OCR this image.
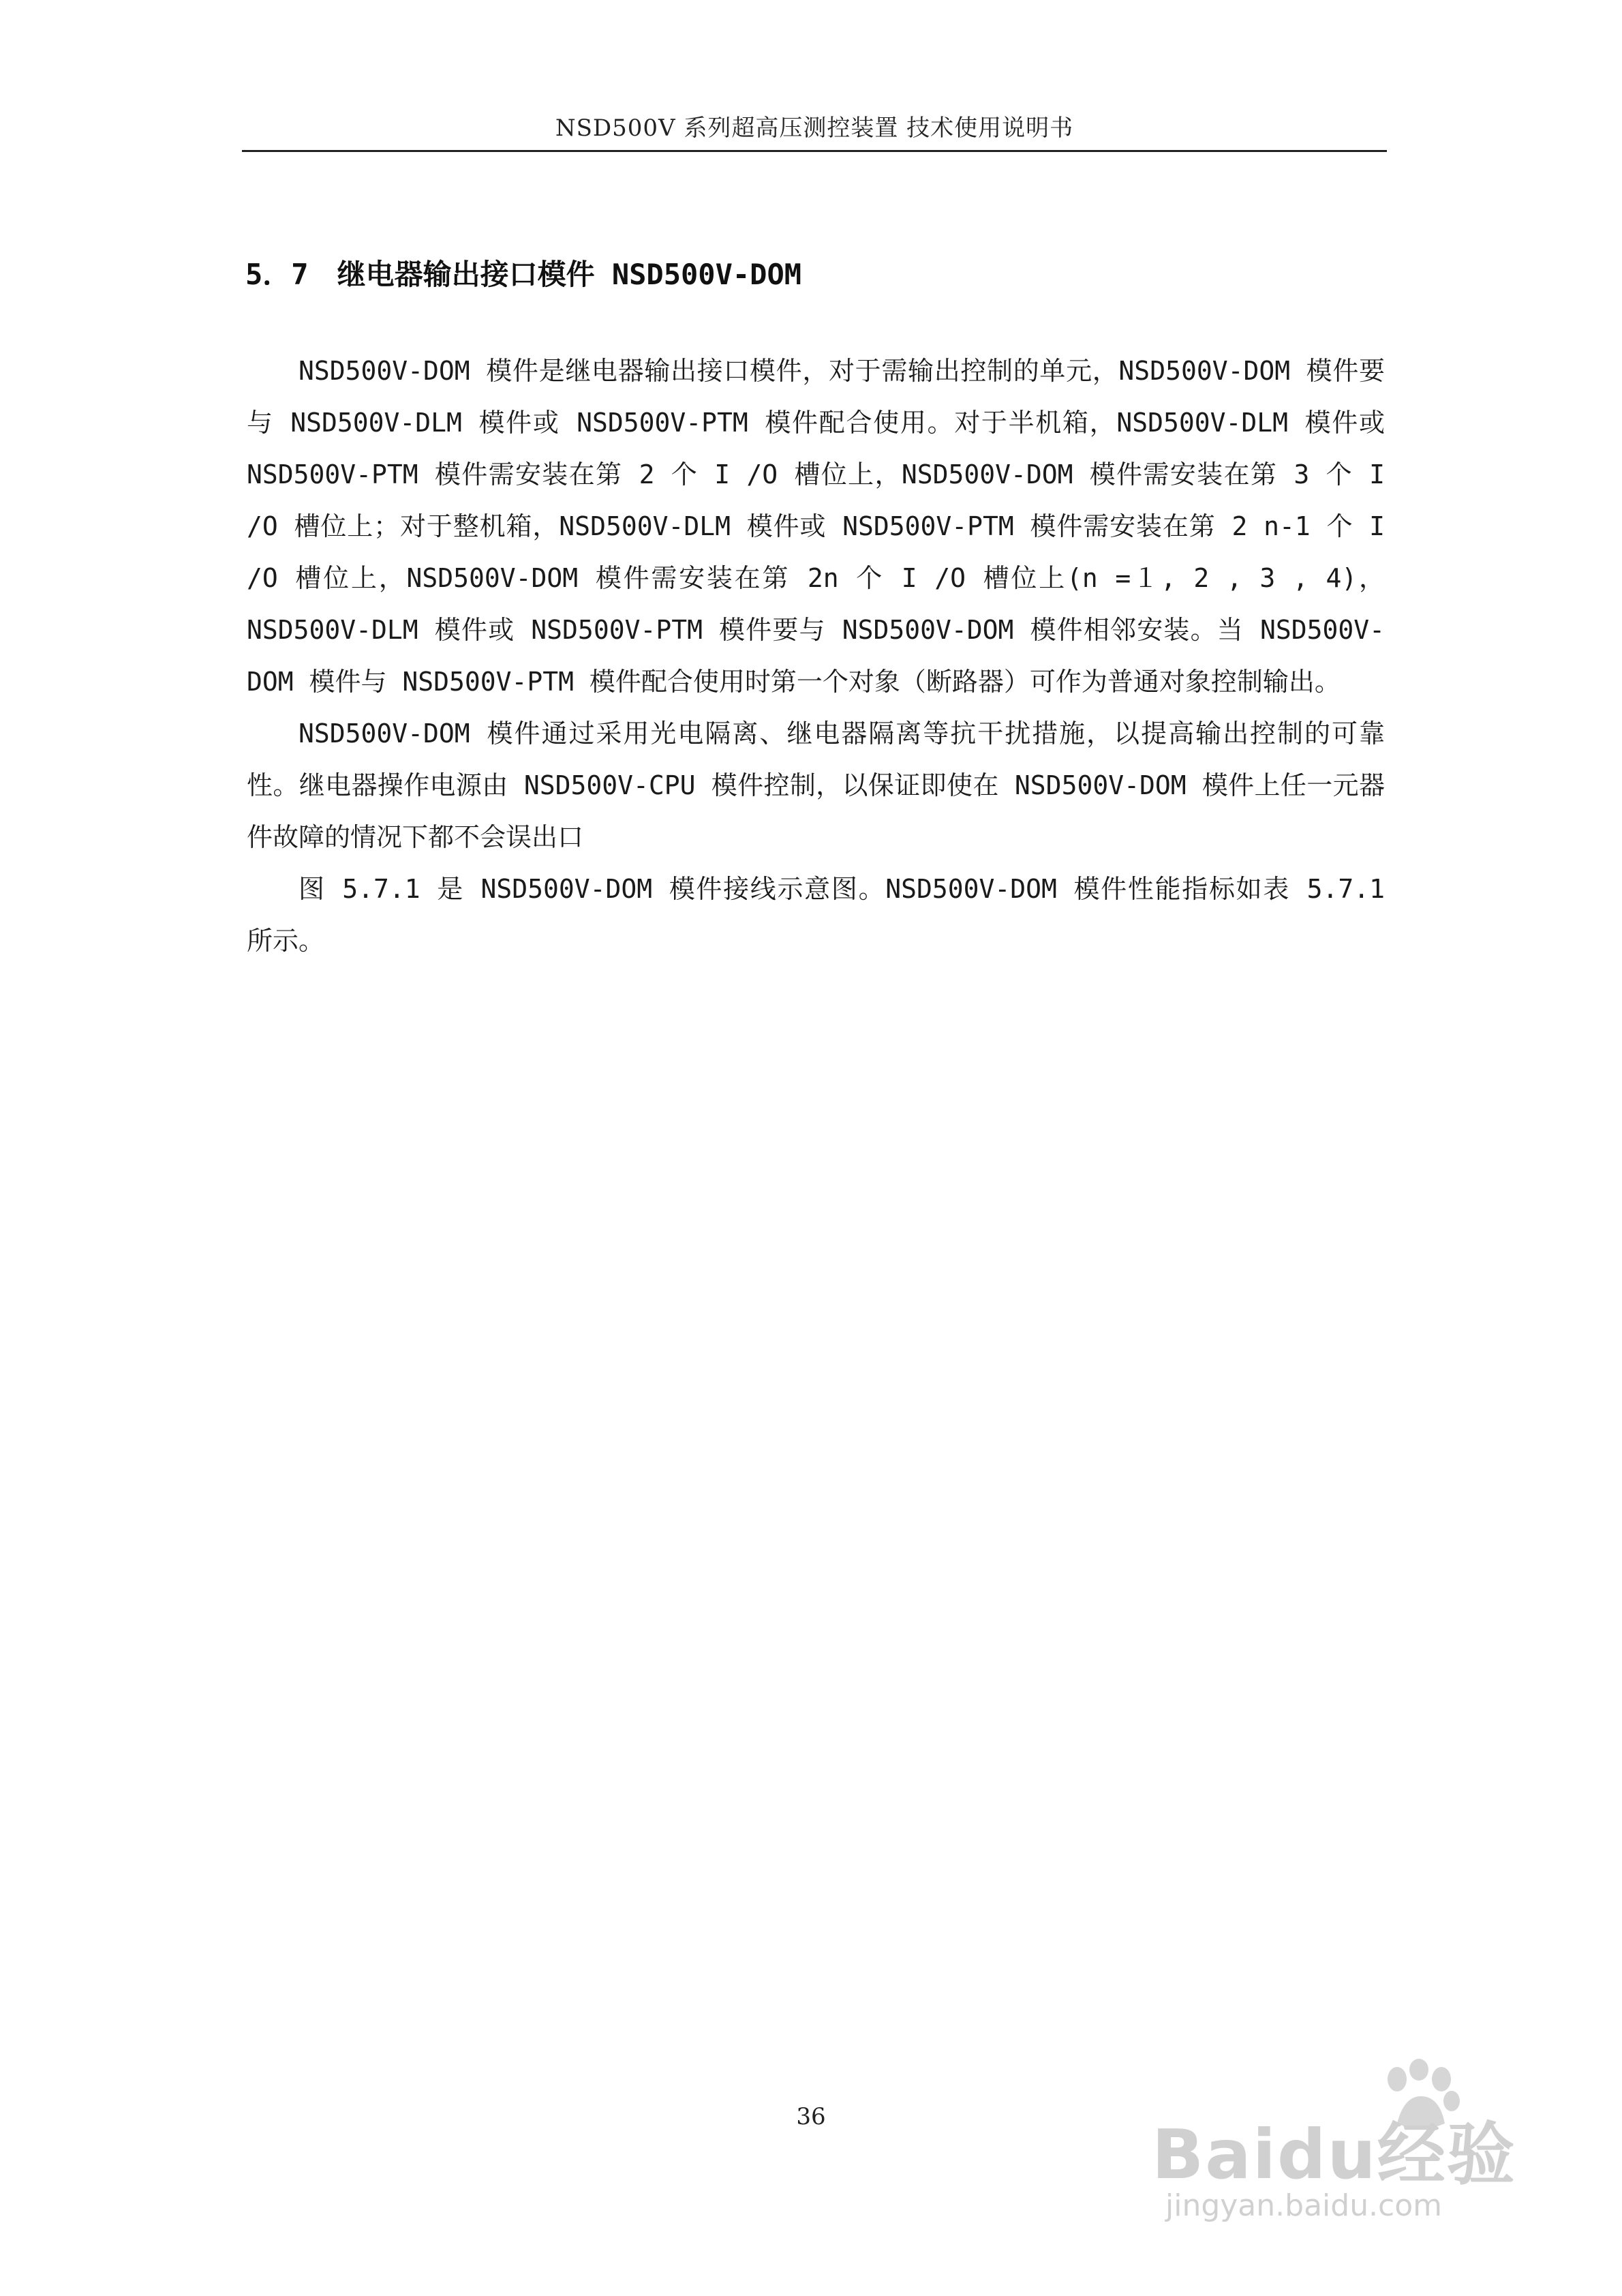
NSD500V 系列超高压测控装置 技术使用说明书
5．7 继电器输出接口模件 NSD500V-DOM

NSD500V-DOM 模件是继电器输出接口模件，对于需输出控制的单元，NSD500V-DOM 模件要与 NSD500V-DLM 模件或 NSD500V-PTM 模件配合使用。对于半机箱，NSD500V-DLM 模件或 NSD500V-PTM 模件需安装在第 2 个 I /O 槽位上，NSD500V-DOM 模件需安装在第 3 个 I /O 槽位上；对于整机箱，NSD500V-DLM 模件或 NSD500V-PTM 模件需安装在第 2 n-1 个 I /O 槽位上，NSD500V-DOM 模件需安装在第 2n 个 I /O 槽位上(n =１, 2 , 3 , 4)， NSD500V-DLM 模件或 NSD500V-PTM 模件要与 NSD500V-DOM 模件相邻安装。当 NSD500V-DOM 模件与 NSD500V-PTM 模件配合使用时第一个对象（断路器）可作为普通对象控制输出。

NSD500V-DOM 模件通过采用光电隔离、继电器隔离等抗干扰措施，以提高输出控制的可靠性。继电器操作电源由 NSD500V-CPU 模件控制，以保证即使在 NSD500V-DOM 模件上任一元器件故障的情况下都不会误出口

图 5.7.1 是 NSD500V-DOM 模件接线示意图。NSD500V-DOM 模件性能指标如表 5.7.1 所示。

36	Baidu经验
jingyan.baidu.com
